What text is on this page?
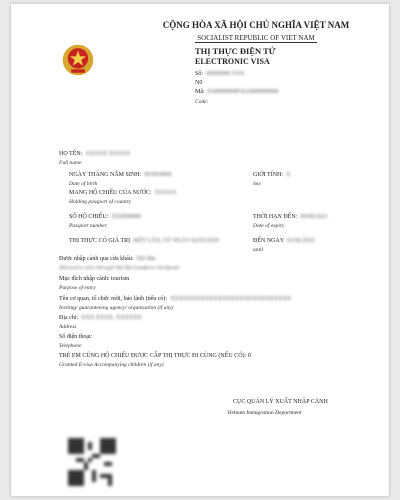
CỘNG HÒA XÃ HỘI CHỦ NGHĨA VIỆT NAM
SOCIALIST REPUBLIC OF VIET NAM
THỊ THỰC ĐIỆN TỬ
ELECTRONIC VISA
Số: 00000000 XXX
N0
Mã: E00000000POLEB00000000
Code:
HỌ TÊN: XXXXX XXXXX
Full name
NGÀY THÁNG NĂM SINH: 00/00/0000
Date of birth
GIỚI TÍNH: X
Sex
MANG HỘ CHIẾU CỦA NƯỚC: XXXXX
Holding passport of country
SỐ HỘ CHIẾU: XX0000000
Passport number
THỜI HẠN ĐẾN: 00/00/2021
Date of expiry
THỊ THỰC CÓ GIÁ TRỊ MỘT LẦN, TỪ NGÀY 02/03/2019	ĐẾN NGÀY 01/06/2019
until
Được nhập cảnh qua cửa khẩu: Nội Bài
Allowed to entry through Nội Bài Landport checkpoint
Mục đích nhập cảnh: tourism
Purpose of entry
Tên cơ quan, tổ chức mời, bảo lãnh (nếu có): XXXXXXXXXXXXXXXXXXXXXXXXXXXX
Inviting/ guaranteeing agency/ organization (if any)
Địa chỉ: XXX XXXX, XXXXXX
Address
Số điện thoại:
Telephone
TRẺ EM CÙNG HỘ CHIẾU ĐƯỢC CẤP THỊ THỰC ĐI CÙNG (NẾU CÓ): 0
Granted E-visa Accompanying children (if any)
CỤC QUẢN LÝ XUẤT NHẬP CẢNH
Vietnam Immigration Department
